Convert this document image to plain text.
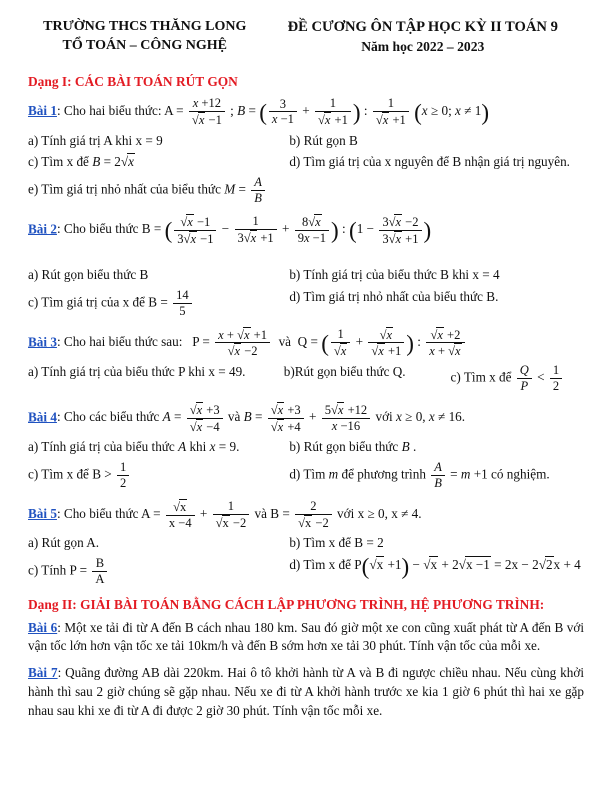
TRƯỜNG THCS THĂNG LONG
TỔ TOÁN – CÔNG NGHỆ
ĐỀ CƯƠNG ÔN TẬP HỌC KỲ II TOÁN 9
Năm học 2022 – 2023
Dạng I: CÁC BÀI TOÁN RÚT GỌN

Bài 1: Cho hai biểu thức: $A = \frac{x +12}{√x -1}$ ; B = ( $\frac{3}{x -1} + \frac{1}{√x +1}$ ) : $\frac{1}{√x +1} (x \ge 0$; x ≠ 1)

a) Tính giá trị A khi x = 9	b) Rút gọn B
c) Tìm x để B = 2√x	d) Tìm giá trị của x nguyên để B nhận giá trị nguyên.
e) Tìm giá trị nhỏ nhất của biểu thức $M = \frac{A}{B}$

Bài 2: Cho biểu thức B = ( $\frac{√x -1}{3√x -1} - \frac{1}{3√x +1} + \frac{8√x}{9x -1}$ ) : ($1 - \frac{3√x -2}{3√x +1}$ )

a) Rút gọn biểu thức B	b) Tính giá trị của biểu thức B khi x = 4
c) Tìm giá trị của x để $B = \frac{14}{5}$	d) Tìm giá trị nhỏ nhất của biểu thức B.

Bài 3: Cho hai biểu thức sau:   $P = \frac{x + √x +1}{√x -2}$ và  Q = ( $\frac{1}{√x} + \frac{√x}{√x +1}$ ) : $\frac{√x +2}{x + √x}$

a) Tính giá trị của biểu thức P khi x = 49.	b)Rút gọn biểu thức Q.	c) Tìm x để $\frac{Q}{P} < \frac{1}{2}$

Bài 4: Cho các biểu thức $A = \frac{√x +3}{√x -4}$ và $B = \frac{√x +3}{√x +4} + \frac{5√x +12}{x -16}$ với x ≥ 0, x ≠ 16.

a) Tính giá trị của biểu thức A khi x = 9.	b) Rút gọn biểu thức B .
c) Tìm x để $B > \frac{1}{2}$	d) Tìm m để phương trình $\frac{A}{B} = m +1$ có nghiệm.

Bài 5: Cho biểu thức $A = \frac{√x}{x -4} + \frac{1}{√x -2}$ và $B = \frac{2}{√x -2}$ với x ≥ 0, x ≠ 4.

a) Rút gọn A.	b) Tìm x để B = 2
c) Tính $P = \frac{B}{A}$	d) Tìm x để P(√x +1) − √x + 2√x −1 = 2x − 2√2x + 4
Dạng II: GIẢI BÀI TOÁN BẰNG CÁCH LẬP PHƯƠNG TRÌNH, HỆ PHƯƠNG TRÌNH:

Bài 6: Một xe tải đi từ A đến B cách nhau 180 km. Sau đó giờ một xe con cũng xuất phát từ A đến B với vận tốc lớn hơn vận tốc xe tải 10km/h và đến B sớm hơn xe tải 30 phút. Tính vận tốc của mỗi xe.

Bài 7: Quãng đường AB dài 220km. Hai ô tô khởi hành từ A và B đi ngược chiều nhau. Nếu cùng khởi hành thì sau 2 giờ chúng sẽ gặp nhau. Nếu xe đi từ A khởi hành trước xe kia 1 giờ 6 phút thì hai xe gặp nhau sau khi xe đi từ A đi được 2 giờ 30 phút. Tính vận tốc mỗi xe.
